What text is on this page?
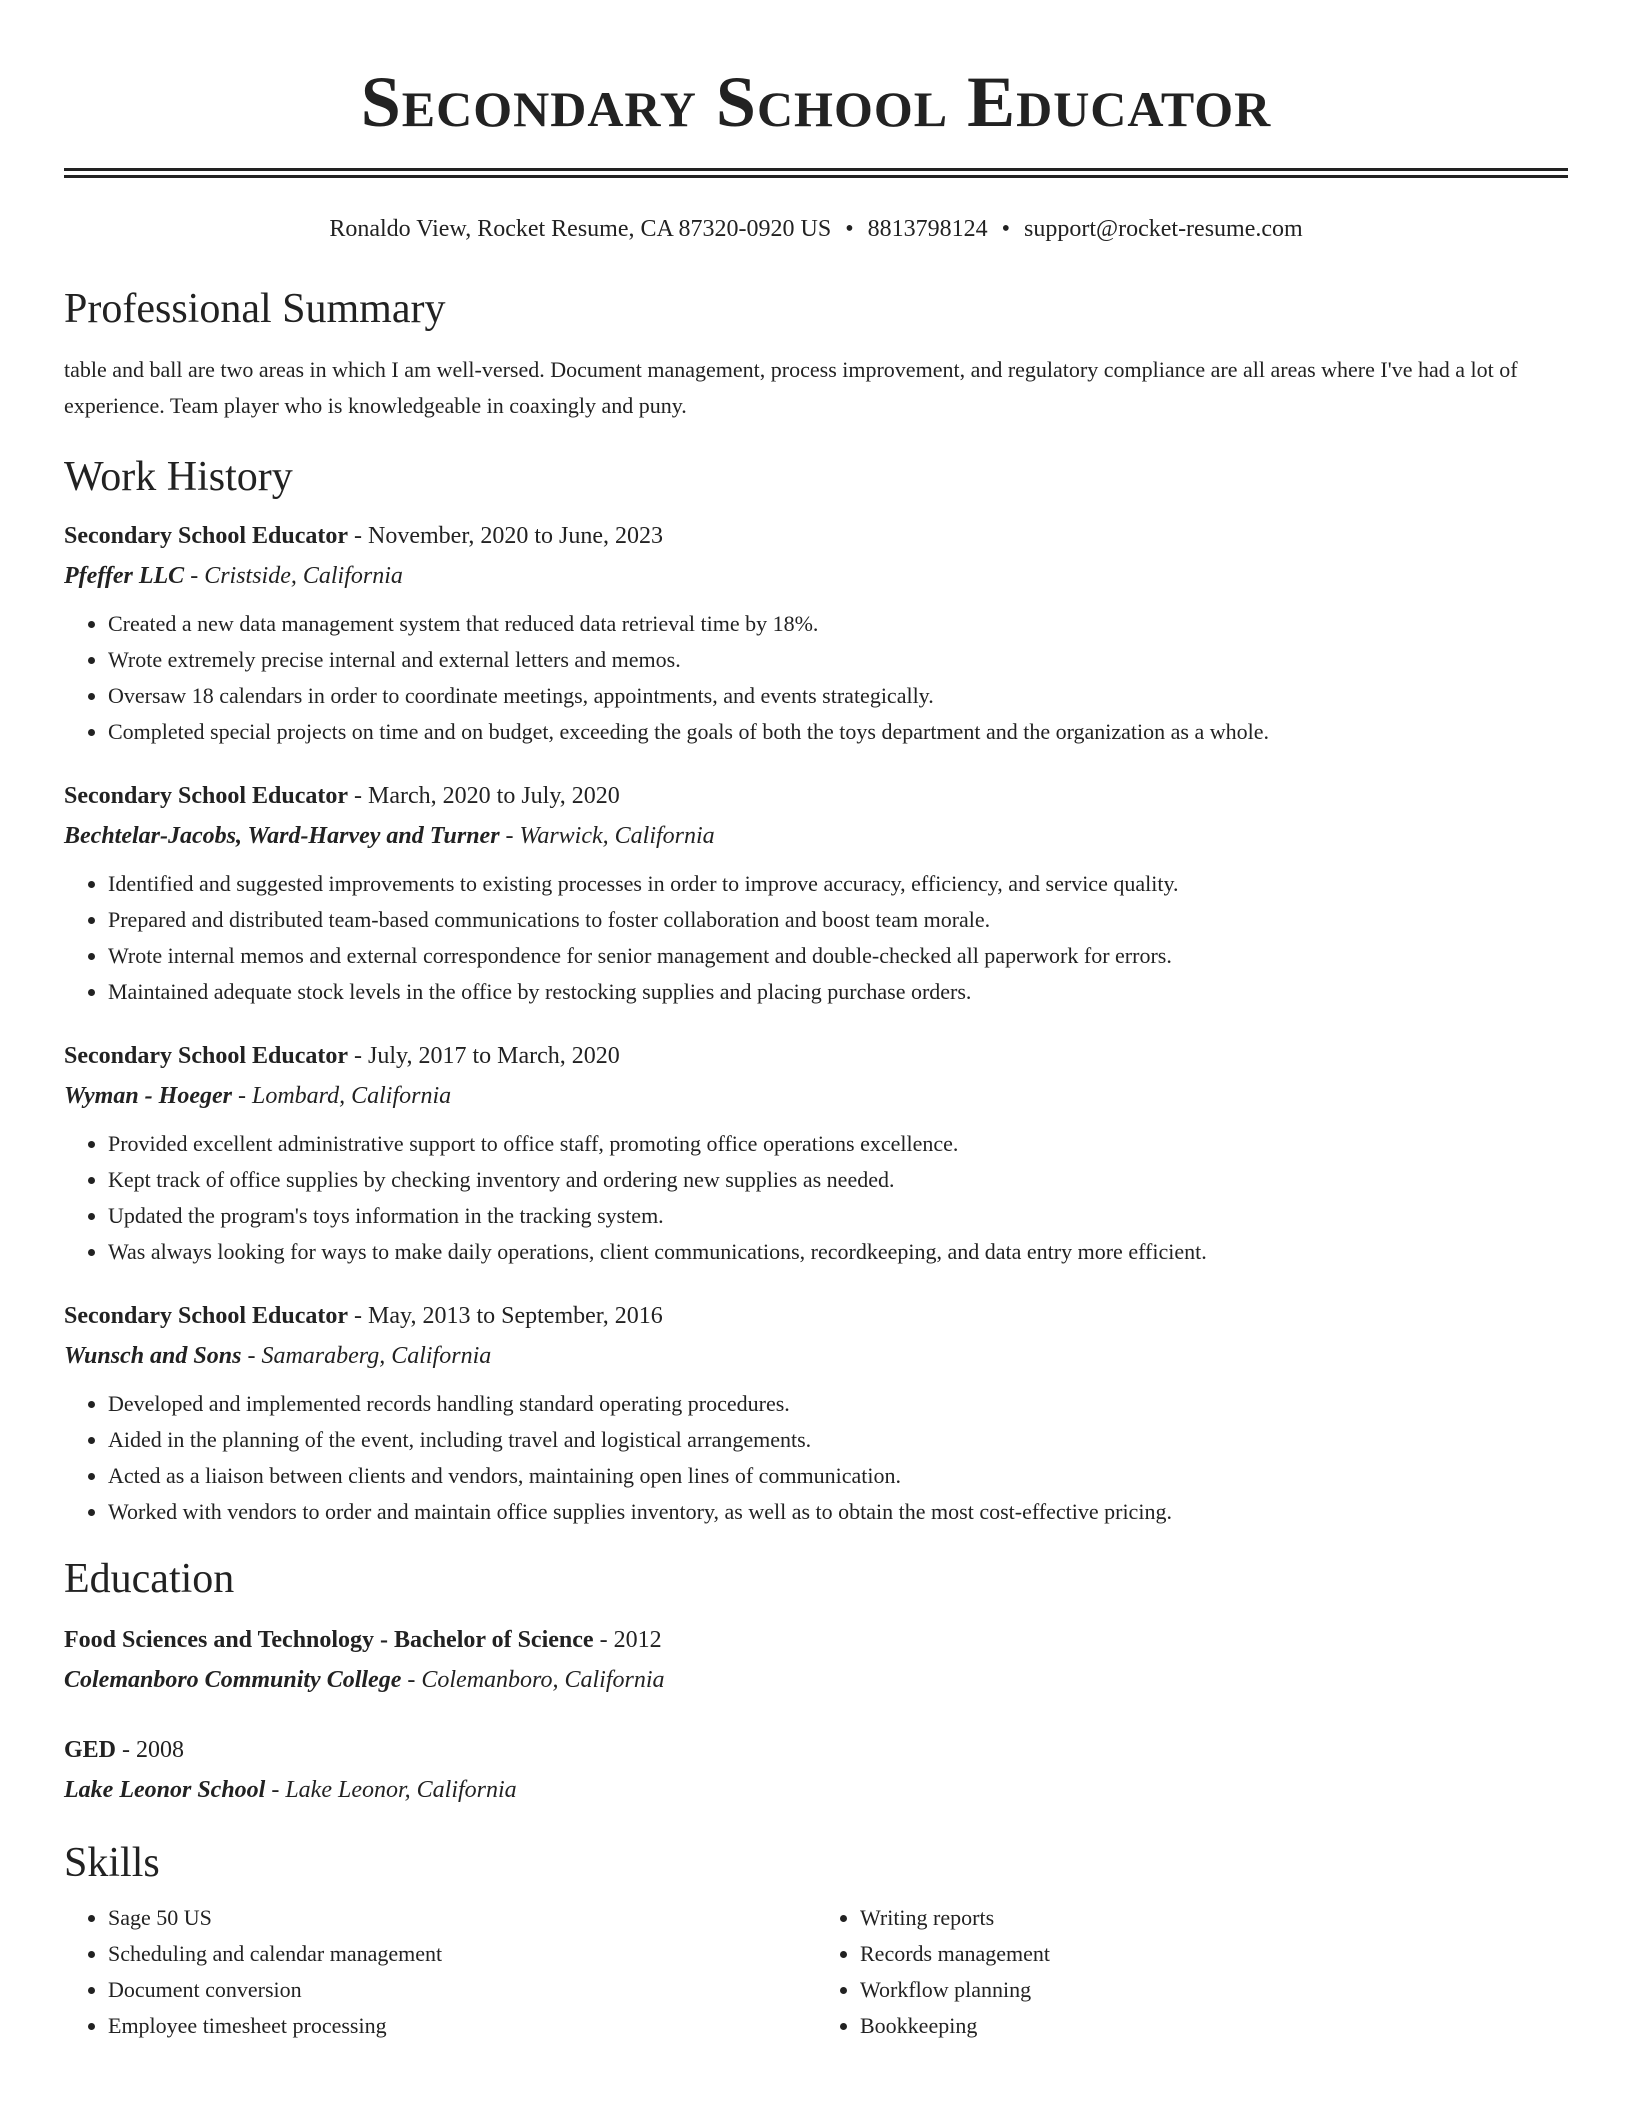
Secondary School Educator
Ronaldo View, Rocket Resume, CA 87320-0920 US • 8813798124 • support@rocket-resume.com
Professional Summary

table and ball are two areas in which I am well-versed. Document management, process improvement, and regulatory compliance are all areas where I've had a lot of experience. Team player who is knowledgeable in coaxingly and puny.

Work History
Secondary School Educator - November, 2020 to June, 2023
Pfeffer LLC - Cristside, California
• Created a new data management system that reduced data retrieval time by 18%.
• Wrote extremely precise internal and external letters and memos.
• Oversaw 18 calendars in order to coordinate meetings, appointments, and events strategically.
• Completed special projects on time and on budget, exceeding the goals of both the toys department and the organization as a whole.
Secondary School Educator - March, 2020 to July, 2020
Bechtelar-Jacobs, Ward-Harvey and Turner - Warwick, California
• Identified and suggested improvements to existing processes in order to improve accuracy, efficiency, and service quality.
• Prepared and distributed team-based communications to foster collaboration and boost team morale.
• Wrote internal memos and external correspondence for senior management and double-checked all paperwork for errors.
• Maintained adequate stock levels in the office by restocking supplies and placing purchase orders.
Secondary School Educator - July, 2017 to March, 2020
Wyman - Hoeger - Lombard, California
• Provided excellent administrative support to office staff, promoting office operations excellence.
• Kept track of office supplies by checking inventory and ordering new supplies as needed.
• Updated the program's toys information in the tracking system.
• Was always looking for ways to make daily operations, client communications, recordkeeping, and data entry more efficient.
Secondary School Educator - May, 2013 to September, 2016
Wunsch and Sons - Samaraberg, California
• Developed and implemented records handling standard operating procedures.
• Aided in the planning of the event, including travel and logistical arrangements.
• Acted as a liaison between clients and vendors, maintaining open lines of communication.
• Worked with vendors to order and maintain office supplies inventory, as well as to obtain the most cost-effective pricing.
Education
Food Sciences and Technology - Bachelor of Science - 2012
Colemanboro Community College - Colemanboro, California
GED - 2008
Lake Leonor School - Lake Leonor, California
Skills
• Sage 50 US
• Scheduling and calendar management
• Document conversion
• Employee timesheet processing
• Writing reports
• Records management
• Workflow planning
• Bookkeeping
